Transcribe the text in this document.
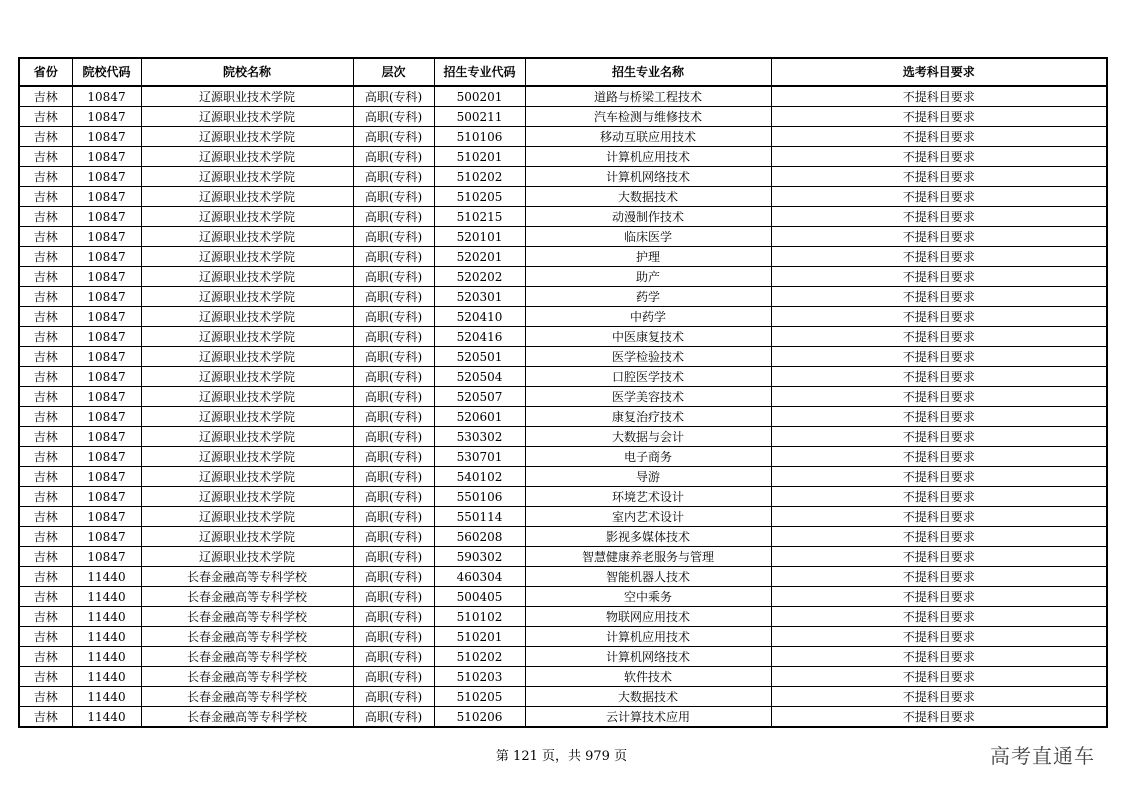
省份	院校代码	院校名称	层次	招生专业代码	招生专业名称	选考科目要求
吉林	10847	辽源职业技术学院	高职(专科)	500201	道路与桥梁工程技术	不提科目要求
吉林	10847	辽源职业技术学院	高职(专科)	500211	汽车检测与维修技术	不提科目要求
吉林	10847	辽源职业技术学院	高职(专科)	510106	移动互联应用技术	不提科目要求
吉林	10847	辽源职业技术学院	高职(专科)	510201	计算机应用技术	不提科目要求
吉林	10847	辽源职业技术学院	高职(专科)	510202	计算机网络技术	不提科目要求
吉林	10847	辽源职业技术学院	高职(专科)	510205	大数据技术	不提科目要求
吉林	10847	辽源职业技术学院	高职(专科)	510215	动漫制作技术	不提科目要求
吉林	10847	辽源职业技术学院	高职(专科)	520101	临床医学	不提科目要求
吉林	10847	辽源职业技术学院	高职(专科)	520201	护理	不提科目要求
吉林	10847	辽源职业技术学院	高职(专科)	520202	助产	不提科目要求
吉林	10847	辽源职业技术学院	高职(专科)	520301	药学	不提科目要求
吉林	10847	辽源职业技术学院	高职(专科)	520410	中药学	不提科目要求
吉林	10847	辽源职业技术学院	高职(专科)	520416	中医康复技术	不提科目要求
吉林	10847	辽源职业技术学院	高职(专科)	520501	医学检验技术	不提科目要求
吉林	10847	辽源职业技术学院	高职(专科)	520504	口腔医学技术	不提科目要求
吉林	10847	辽源职业技术学院	高职(专科)	520507	医学美容技术	不提科目要求
吉林	10847	辽源职业技术学院	高职(专科)	520601	康复治疗技术	不提科目要求
吉林	10847	辽源职业技术学院	高职(专科)	530302	大数据与会计	不提科目要求
吉林	10847	辽源职业技术学院	高职(专科)	530701	电子商务	不提科目要求
吉林	10847	辽源职业技术学院	高职(专科)	540102	导游	不提科目要求
吉林	10847	辽源职业技术学院	高职(专科)	550106	环境艺术设计	不提科目要求
吉林	10847	辽源职业技术学院	高职(专科)	550114	室内艺术设计	不提科目要求
吉林	10847	辽源职业技术学院	高职(专科)	560208	影视多媒体技术	不提科目要求
吉林	10847	辽源职业技术学院	高职(专科)	590302	智慧健康养老服务与管理	不提科目要求
吉林	11440	长春金融高等专科学校	高职(专科)	460304	智能机器人技术	不提科目要求
吉林	11440	长春金融高等专科学校	高职(专科)	500405	空中乘务	不提科目要求
吉林	11440	长春金融高等专科学校	高职(专科)	510102	物联网应用技术	不提科目要求
吉林	11440	长春金融高等专科学校	高职(专科)	510201	计算机应用技术	不提科目要求
吉林	11440	长春金融高等专科学校	高职(专科)	510202	计算机网络技术	不提科目要求
吉林	11440	长春金融高等专科学校	高职(专科)	510203	软件技术	不提科目要求
吉林	11440	长春金融高等专科学校	高职(专科)	510205	大数据技术	不提科目要求
吉林	11440	长春金融高等专科学校	高职(专科)	510206	云计算技术应用	不提科目要求
第 121 页，共 979 页	高考直通车
